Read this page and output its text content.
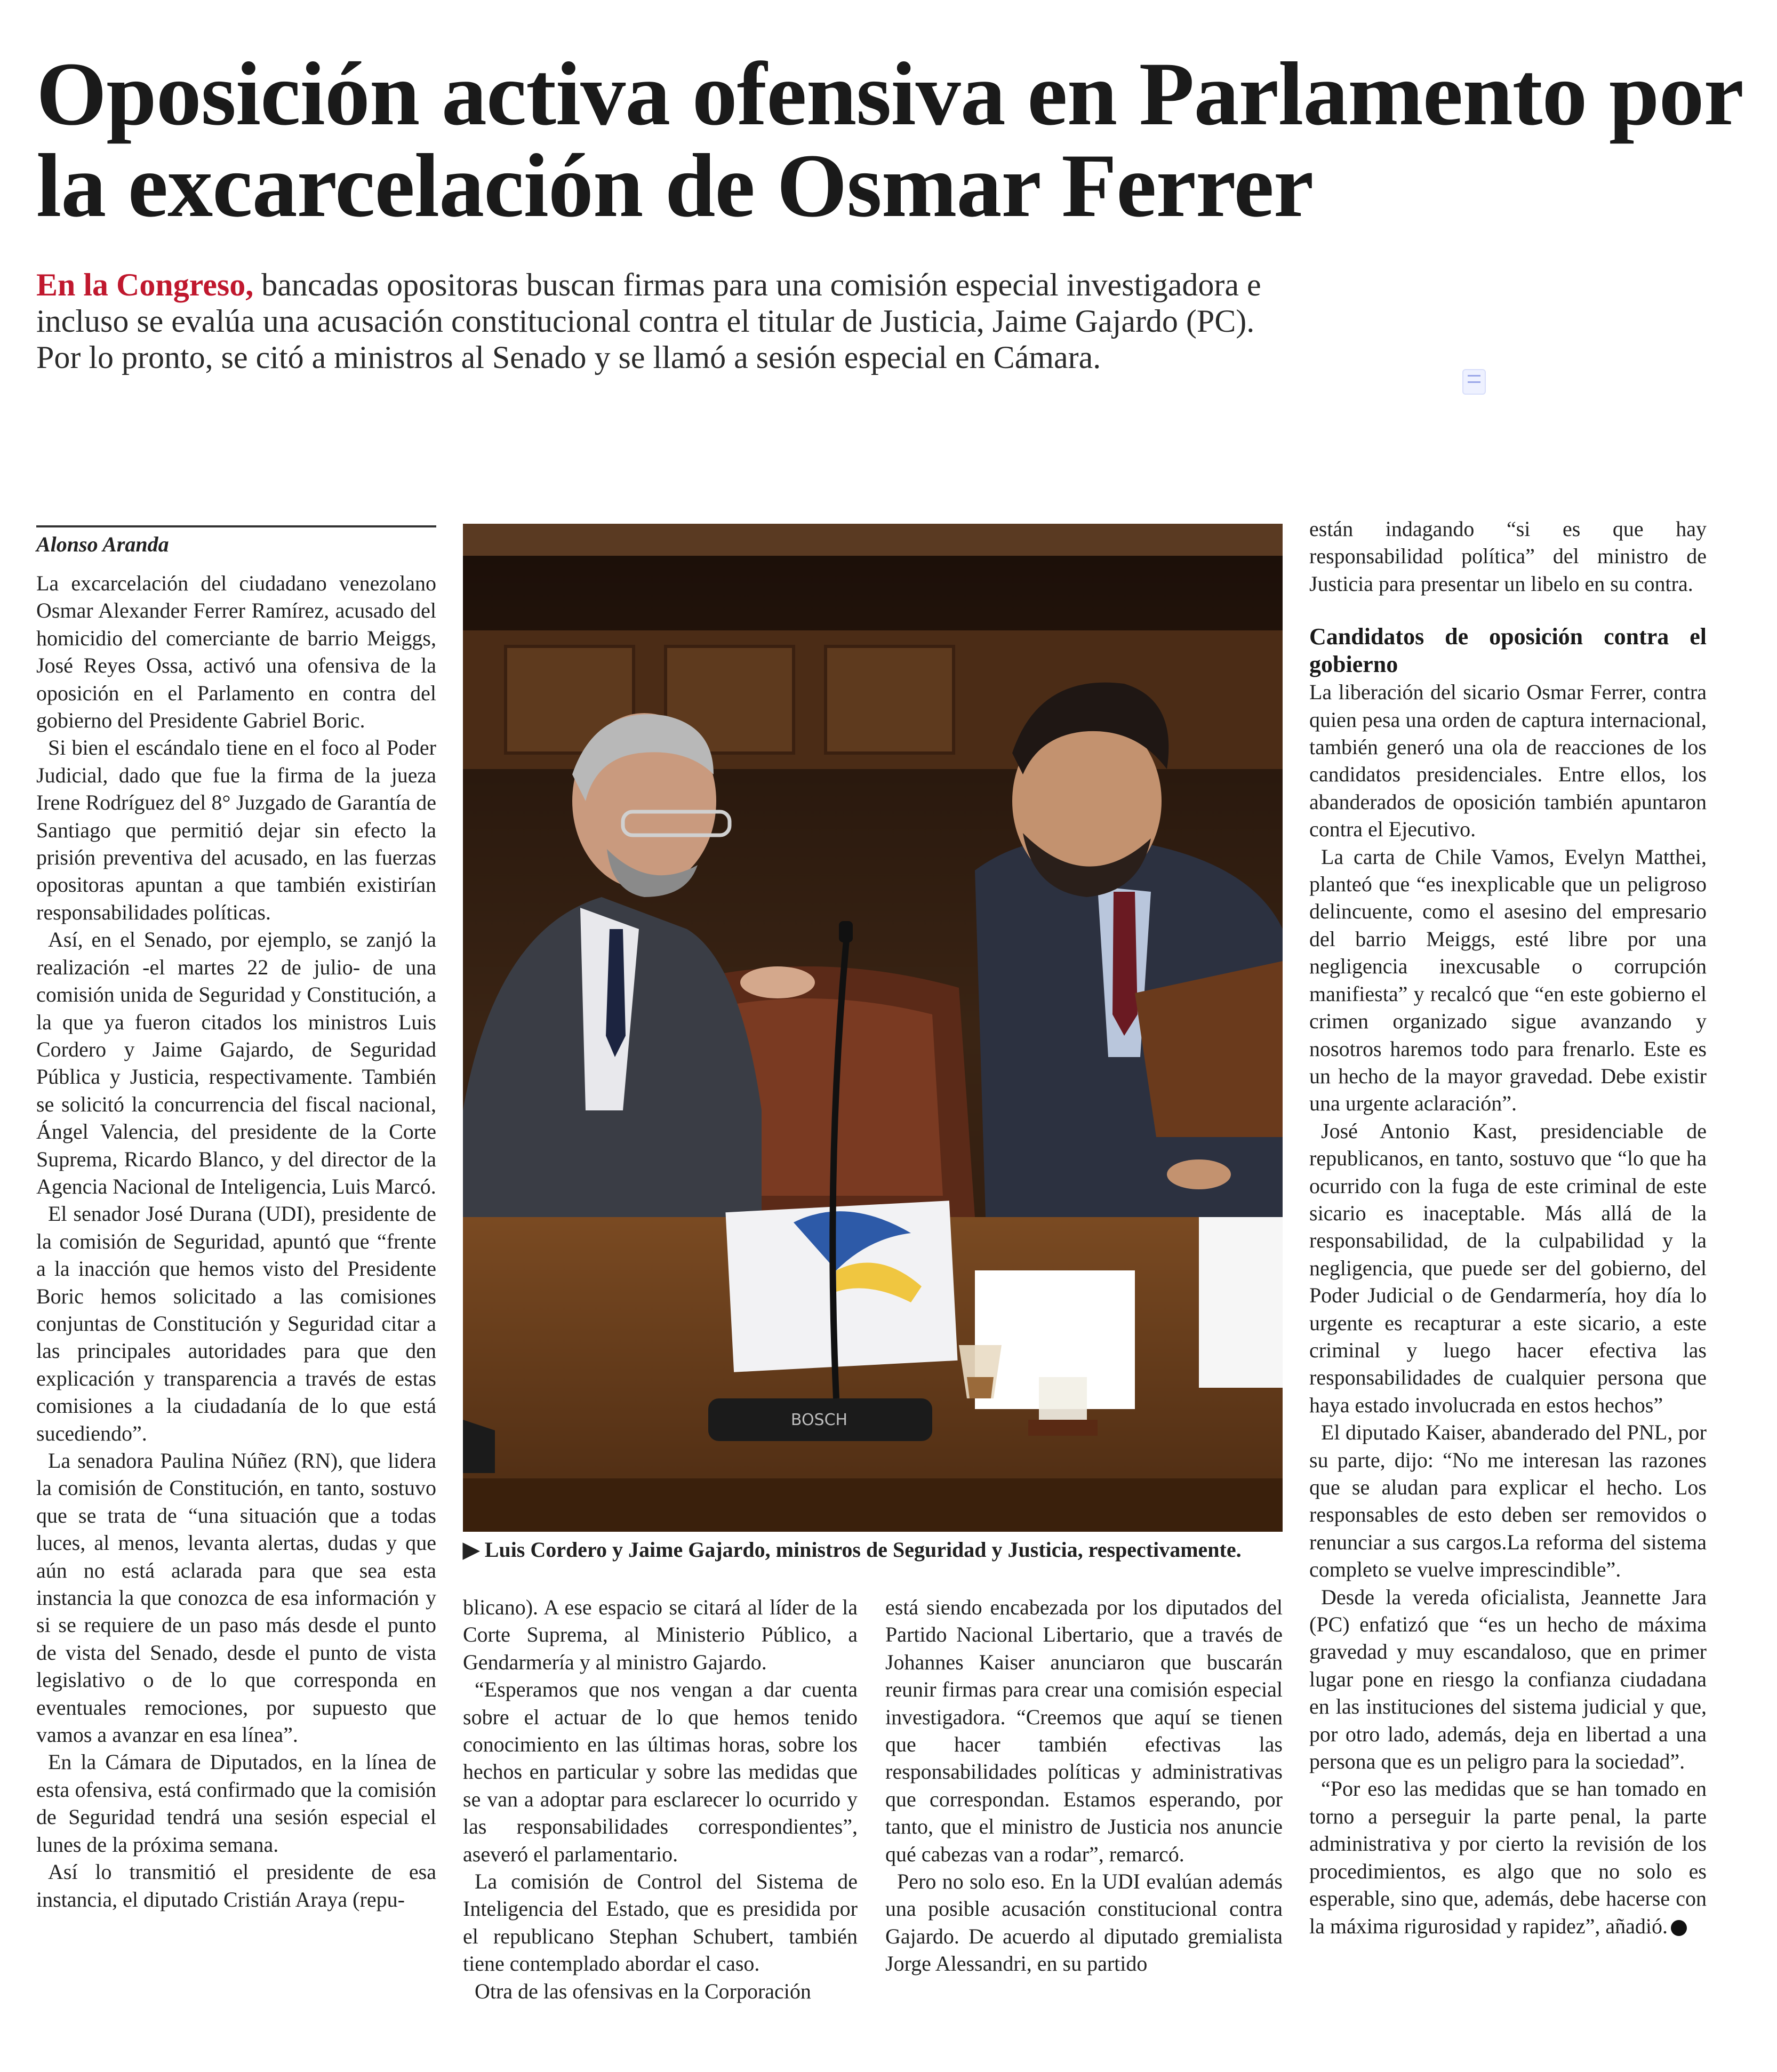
Oposición activa ofensiva en Parlamento por la excarcelación de Osmar Ferrer

En la Congreso, bancadas opositoras buscan firmas para una comisión especial investigadora e incluso se evalúa una acusación constitucional contra el titular de Justicia, Jaime Gajardo (PC). Por lo pronto, se citó a ministros al Senado y se llamó a sesión especial en Cámara.

Alonso Aranda

La excarcelación del ciudadano venezolano Osmar Alexander Ferrer Ramírez, acusado del homicidio del comerciante de barrio Meiggs, José Reyes Ossa, activó una ofensiva de la oposición en el Parlamento en contra del gobierno del Presidente Gabriel Boric.

Si bien el escándalo tiene en el foco al Poder Judicial, dado que fue la firma de la jueza Irene Rodríguez del 8° Juzgado de Garantía de Santiago que permitió dejar sin efecto la prisión preventiva del acusado, en las fuerzas opositoras apuntan a que también existirían responsabilidades políticas.

Así, en el Senado, por ejemplo, se zanjó la realización -el martes 22 de julio- de una comisión unida de Seguridad y Constitución, a la que ya fueron citados los ministros Luis Cordero y Jaime Gajardo, de Seguridad Pública y Justicia, respectivamente. También se solicitó la concurrencia del fiscal nacional, Ángel Valencia, del presidente de la Corte Suprema, Ricardo Blanco, y del director de la Agencia Nacional de Inteligencia, Luis Marcó.

El senador José Durana (UDI), presidente de la comisión de Seguridad, apuntó que “frente a la inacción que hemos visto del Presidente Boric hemos solicitado a las comisiones conjuntas de Constitución y Seguridad citar a las principales autoridades para que den explicación y transparencia a través de estas comisiones a la ciudadanía de lo que está sucediendo”.

La senadora Paulina Núñez (RN), que lidera la comisión de Constitución, en tanto, sostuvo que se trata de “una situación que a todas luces, al menos, levanta alertas, dudas y que aún no está aclarada para que sea esta instancia la que conozca de esa información y si se requiere de un paso más desde el punto de vista del Senado, desde el punto de vista legislativo o de lo que corresponda en eventuales remociones, por supuesto que vamos a avanzar en esa línea”.

En la Cámara de Diputados, en la línea de esta ofensiva, está confirmado que la comisión de Seguridad tendrá una sesión especial el lunes de la próxima semana.

Así lo transmitió el presidente de esa instancia, el diputado Cristián Araya (repu-

BOSCH
▶ Luis Cordero y Jaime Gajardo, ministros de Seguridad y Justicia, respectivamente.

blicano). A ese espacio se citará al líder de la Corte Suprema, al Ministerio Público, a Gendarmería y al ministro Gajardo.

“Esperamos que nos vengan a dar cuenta sobre el actuar de lo que hemos tenido conocimiento en las últimas horas, sobre los hechos en particular y sobre las medidas que se van a adoptar para esclarecer lo ocurrido y las responsabilidades correspondientes”, aseveró el parlamentario.

La comisión de Control del Sistema de Inteligencia del Estado, que es presidida por el republicano Stephan Schubert, también tiene contemplado abordar el caso.

Otra de las ofensivas en la Corporación

está siendo encabezada por los diputados del Partido Nacional Libertario, que a través de Johannes Kaiser anunciaron que buscarán reunir firmas para crear una comisión especial investigadora. “Creemos que aquí se tienen que hacer también efectivas las responsabilidades políticas y administrativas que correspondan. Estamos esperando, por tanto, que el ministro de Justicia nos anuncie qué cabezas van a rodar”, remarcó.

Pero no solo eso. En la UDI evalúan además una posible acusación constitucional contra Gajardo. De acuerdo al diputado gremialista Jorge Alessandri, en su partido

están indagando “si es que hay responsabilidad política” del ministro de Justicia para presentar un libelo en su contra.

Candidatos de oposición contra el gobierno

La liberación del sicario Osmar Ferrer, contra quien pesa una orden de captura internacional, también generó una ola de reacciones de los candidatos presidenciales. Entre ellos, los abanderados de oposición también apuntaron contra el Ejecutivo.

La carta de Chile Vamos, Evelyn Matthei, planteó que “es inexplicable que un peligroso delincuente, como el asesino del empresario del barrio Meiggs, esté libre por una negligencia inexcusable o corrupción manifiesta” y recalcó que “en este gobierno el crimen organizado sigue avanzando y nosotros haremos todo para frenarlo. Este es un hecho de la mayor gravedad. Debe existir una urgente aclaración”.

José Antonio Kast, presidenciable de republicanos, en tanto, sostuvo que “lo que ha ocurrido con la fuga de este criminal de este sicario es inaceptable. Más allá de la responsabilidad, de la culpabilidad y la negligencia, que puede ser del gobierno, del Poder Judicial o de Gendarmería, hoy día lo urgente es recapturar a este sicario, a este criminal y luego hacer efectiva las responsabilidades de cualquier persona que haya estado involucrada en estos hechos”

El diputado Kaiser, abanderado del PNL, por su parte, dijo: “No me interesan las razones que se aludan para explicar el hecho. Los responsables de esto deben ser removidos o renunciar a sus cargos.La reforma del sistema completo se vuelve imprescindible”.

Desde la vereda oficialista, Jeannette Jara (PC) enfatizó que “es un hecho de máxima gravedad y muy escandaloso, que en primer lugar pone en riesgo la confianza ciudadana en las instituciones del sistema judicial y que, por otro lado, además, deja en libertad a una persona que es un peligro para la sociedad”.

“Por eso las medidas que se han tomado en torno a perseguir la parte penal, la parte administrativa y por cierto la revisión de los procedimientos, es algo que no solo es esperable, sino que, además, debe hacerse con la máxima rigurosidad y rapidez”, añadió.
